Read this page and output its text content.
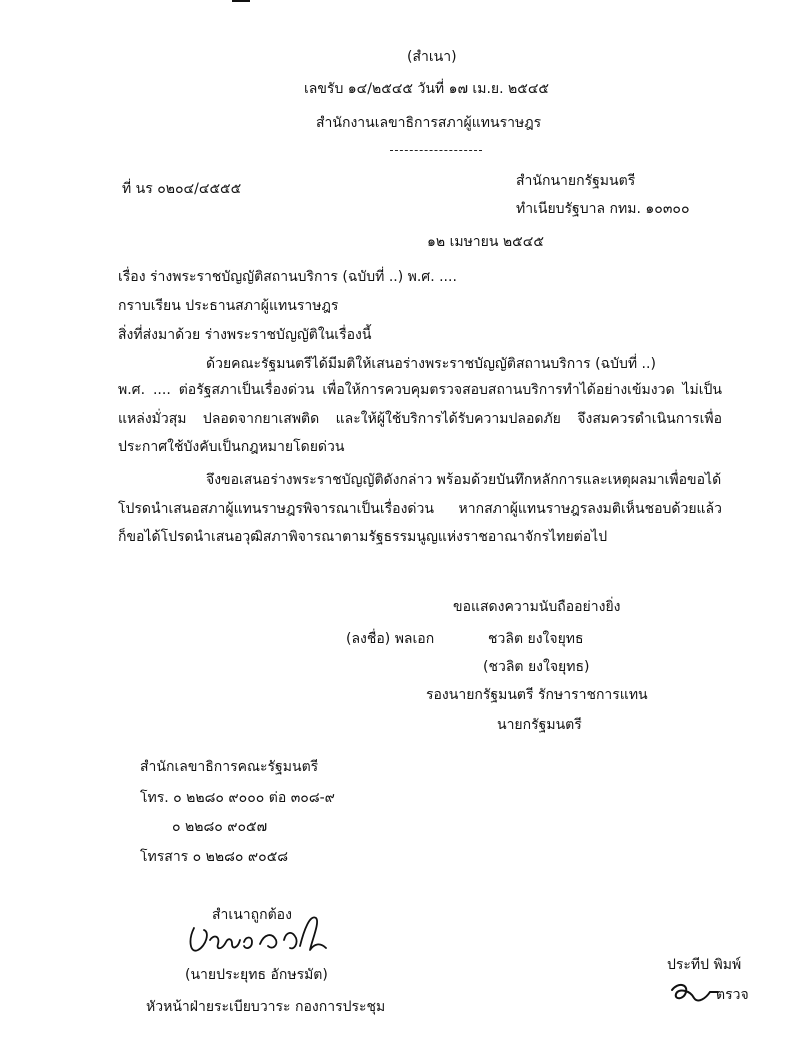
(สำเนา)
เลขรับ ๑๔/๒๕๔๕ วันที่ ๑๗ เม.ย. ๒๕๔๕
สำนักงานเลขาธิการสภาผู้แทนราษฎร
ที่ นร ๐๒๐๔/๔๕๕๕	สำนักนายกรัฐมนตรี
ทำเนียบรัฐบาล กทม. ๑๐๓๐๐
๑๒ เมษายน ๒๕๔๕
เรื่อง ร่างพระราชบัญญัติสถานบริการ (ฉบับที่ ..) พ.ศ. ....
กราบเรียน ประธานสภาผู้แทนราษฎร
สิ่งที่ส่งมาด้วย ร่างพระราชบัญญัติในเรื่องนี้
ด้วยคณะรัฐมนตรีได้มีมติให้เสนอร่างพระราชบัญญัติสถานบริการ (ฉบับที่ ..)
พ.ศ. .... ต่อรัฐสภาเป็นเรื่องด่วน เพื่อให้การควบคุมตรวจสอบสถานบริการทำได้อย่างเข้มงวด ไม่เป็น
แหล่งมั่วสุม ปลอดจากยาเสพติด และให้ผู้ใช้บริการได้รับความปลอดภัย จึงสมควรดำเนินการเพื่อ
ประกาศใช้บังคับเป็นกฎหมายโดยด่วน
จึงขอเสนอร่างพระราชบัญญัติดังกล่าว พร้อมด้วยบันทึกหลักการและเหตุผลมาเพื่อขอได้
โปรดนำเสนอสภาผู้แทนราษฎรพิจารณาเป็นเรื่องด่วน หากสภาผู้แทนราษฎรลงมติเห็นชอบด้วยแล้ว
ก็ขอได้โปรดนำเสนอวุฒิสภาพิจารณาตามรัฐธรรมนูญแห่งราชอาณาจักรไทยต่อไป
ขอแสดงความนับถืออย่างยิ่ง
(ลงชื่อ) พลเอก	ชวลิต ยงใจยุทธ
(ชวลิต ยงใจยุทธ)
รองนายกรัฐมนตรี รักษาราชการแทน
นายกรัฐมนตรี
สำนักเลขาธิการคณะรัฐมนตรี
โทร. ๐ ๒๒๘๐ ๙๐๐๐ ต่อ ๓๐๘-๙
๐ ๒๒๘๐ ๙๐๕๗
โทรสาร ๐ ๒๒๘๐ ๙๐๕๘
สำเนาถูกต้อง
(นายประยุทธ อักษรมัต)
หัวหน้าฝ่ายระเบียบวาระ กองการประชุม
ประทีป พิมพ์
ตรวจ
